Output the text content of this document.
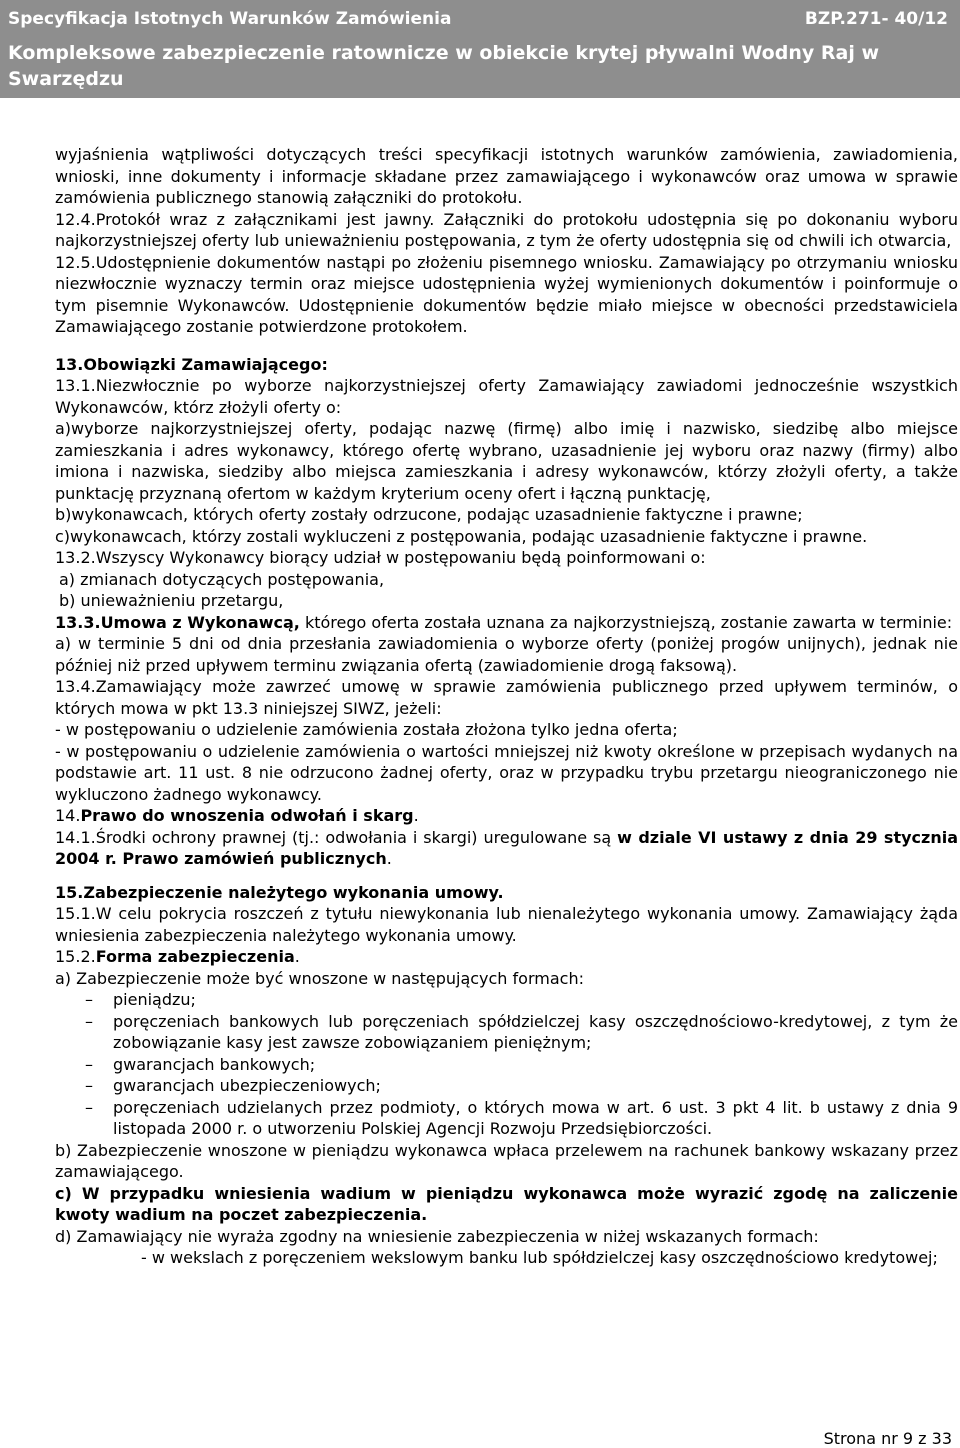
Specyfikacja Istotnych Warunków Zamówienia	BZP.271- 40/12
Kompleksowe zabezpieczenie ratownicze w obiekcie krytej pływalni Wodny Raj w Swarzędzu
wyjaśnienia wątpliwości dotyczących treści specyfikacji istotnych warunków zamówienia, zawiadomienia, wnioski, inne dokumenty i informacje składane przez zamawiającego i wykonawców oraz umowa w sprawie zamówienia publicznego stanowią załączniki do protokołu.
12.4.Protokół wraz z załącznikami jest jawny. Załączniki do protokołu udostępnia się po dokonaniu wyboru najkorzystniejszej oferty lub unieważnieniu postępowania, z tym że oferty udostępnia się od chwili ich otwarcia,
12.5.Udostępnienie dokumentów nastąpi po złożeniu pisemnego wniosku. Zamawiający po otrzymaniu wniosku niezwłocznie wyznaczy termin oraz miejsce udostępnienia wyżej wymienionych dokumentów i poinformuje o tym pisemnie Wykonawców. Udostępnienie dokumentów będzie miało miejsce w obecności przedstawiciela Zamawiającego zostanie potwierdzone protokołem.
13.Obowiązki Zamawiającego:
13.1.Niezwłocznie po wyborze najkorzystniejszej oferty Zamawiający zawiadomi jednocześnie wszystkich Wykonawców, którz złożyli oferty o:
a)wyborze najkorzystniejszej oferty, podając nazwę (firmę) albo imię i nazwisko, siedzibę albo miejsce zamieszkania i adres wykonawcy, którego ofertę wybrano, uzasadnienie jej wyboru oraz nazwy (firmy) albo imiona i nazwiska, siedziby albo miejsca zamieszkania i adresy wykonawców, którzy złożyli oferty, a także punktację przyznaną ofertom w każdym kryterium oceny ofert i łączną punktację,
b)wykonawcach, których oferty zostały odrzucone, podając uzasadnienie faktyczne i prawne;
c)wykonawcach, którzy zostali wykluczeni z postępowania, podając uzasadnienie faktyczne i prawne.
13.2.Wszyscy Wykonawcy biorący udział w postępowaniu będą poinformowani o:
a) zmianach dotyczących postępowania,
b) unieważnieniu przetargu,
13.3.Umowa z Wykonawcą, którego oferta została uznana za najkorzystniejszą, zostanie zawarta w terminie:
a) w terminie 5 dni od dnia przesłania zawiadomienia o wyborze oferty (poniżej progów unijnych), jednak nie później niż przed upływem terminu związania ofertą (zawiadomienie drogą faksową).
13.4.Zamawiający może zawrzeć umowę w sprawie zamówienia publicznego przed upływem terminów, o których mowa w pkt 13.3 niniejszej SIWZ, jeżeli:
- w postępowaniu o udzielenie zamówienia została złożona tylko jedna oferta;
- w postępowaniu o udzielenie zamówienia o wartości mniejszej niż kwoty określone w przepisach wydanych na podstawie art. 11 ust. 8 nie odrzucono żadnej oferty, oraz w przypadku trybu przetargu nieograniczonego nie wykluczono żadnego wykonawcy.
14.Prawo do wnoszenia odwołań i skarg.
14.1.Środki ochrony prawnej (tj.: odwołania i skargi) uregulowane są w dziale VI ustawy z dnia 29 stycznia 2004 r. Prawo zamówień publicznych.
15.Zabezpieczenie należytego wykonania umowy.
15.1.W celu pokrycia roszczeń z tytułu niewykonania lub nienależytego wykonania umowy. Zamawiający żąda wniesienia zabezpieczenia należytego wykonania umowy.
15.2.Forma zabezpieczenia.
a) Zabezpieczenie może być wnoszone w następujących formach:
–	pieniądzu;
–	poręczeniach bankowych lub poręczeniach spółdzielczej kasy oszczędnościowo-kredytowej, z tym że zobowiązanie kasy jest zawsze zobowiązaniem pieniężnym;
–	gwarancjach bankowych;
–	gwarancjach ubezpieczeniowych;
–	poręczeniach udzielanych przez podmioty, o których mowa w art. 6 ust. 3 pkt 4 lit. b ustawy z dnia 9 listopada 2000 r. o utworzeniu Polskiej Agencji Rozwoju Przedsiębiorczości.
b) Zabezpieczenie wnoszone w pieniądzu wykonawca wpłaca przelewem na rachunek bankowy wskazany przez zamawiającego.
c) W przypadku wniesienia wadium w pieniądzu wykonawca może wyrazić zgodę na zaliczenie kwoty wadium na poczet zabezpieczenia.
d) Zamawiający nie wyraża zgodny na wniesienie zabezpieczenia w niżej wskazanych formach:
- w wekslach z poręczeniem wekslowym banku lub spółdzielczej kasy oszczędnościowo kredytowej;
Strona nr 9 z 33
